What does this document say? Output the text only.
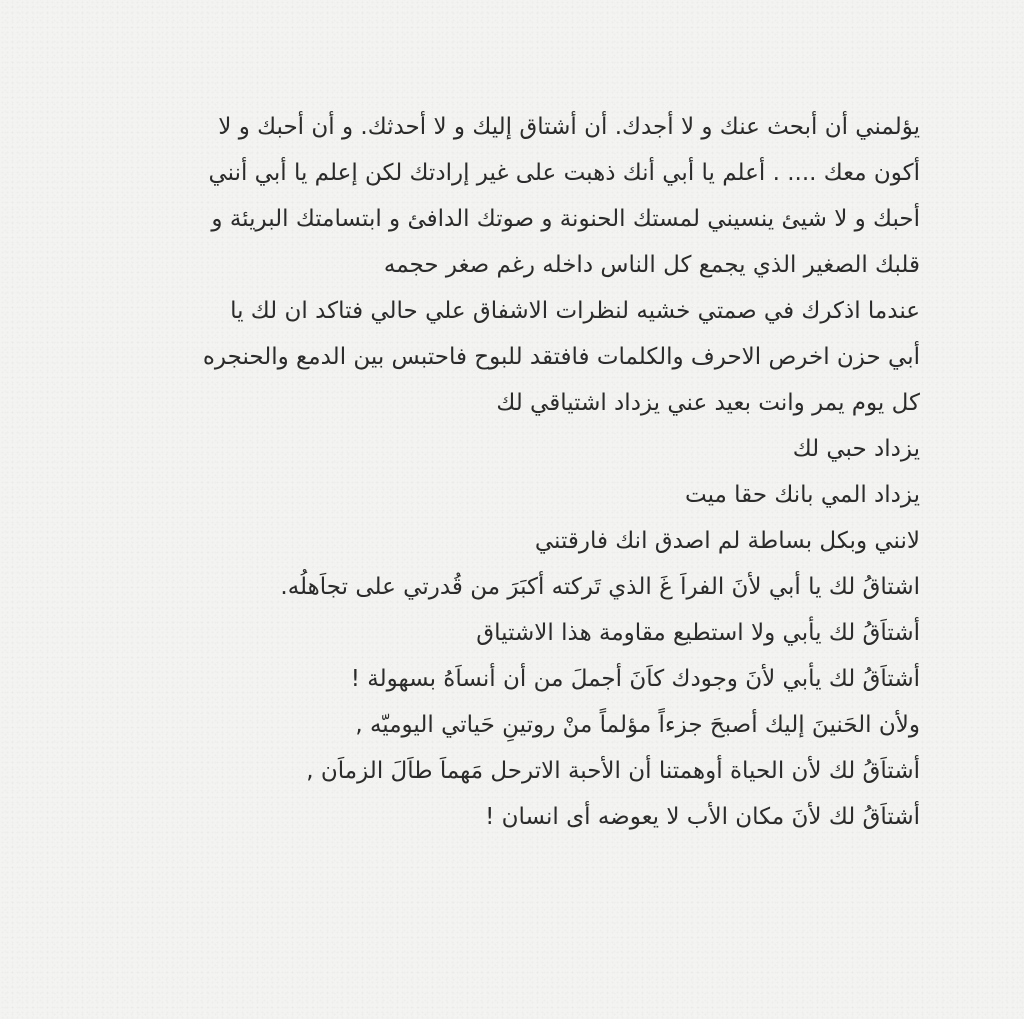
يؤلمني أن أبحث عنك و لا أجدك. أن أشتاق إليك و لا أحدثك. و أن أحبك و لا
أكون معك .... . أعلم يا أبي أنك ذهبت على غير إرادتك لكن إعلم يا أبي أنني
أحبك و لا شيئ ينسيني لمستك الحنونة و صوتك الدافئ و ابتسامتك البريئة و
قلبك الصغير الذي يجمع كل الناس داخله رغم صغر حجمه
عندما اذكرك في صمتي خشيه لنظرات الاشفاق علي حالي فتاكد ان لك يا
أبي حزن اخرص الاحرف والكلمات فافتقد للبوح فاحتبس بين الدمع والحنجره
كل يوم يمر وانت بعيد عني يزداد اشتياقي لك
يزداد حبي لك
يزداد المي بانك حقا ميت
لانني وبكل بساطة لم اصدق انك فارقتني
اشتاقُ لك يا أبي لأنَ الفراَ غَ الذي تَركته أكبَرَ من قُدرتي على تجاَهلُه.
أشتاَقُ لك يأبي ولا استطيع مقاومة هذا الاشتياق
أشتاَقُ لك يأبي لأنَ وجودك كاَنَ أجملَ من أن أنساَهُ بسهولة !
ولأن الحَنينَ إليك أصبحَ جزءاً مؤلماً منْ روتينِ حَياتي اليوميّه ,
أشتاَقُ لك لأن الحياة أوهمتنا أن الأحبة الاترحل مَهماَ طاَلَ الزماَن ,
أشتاَقُ لك لأنَ مكان الأب لا يعوضه أى انسان !
